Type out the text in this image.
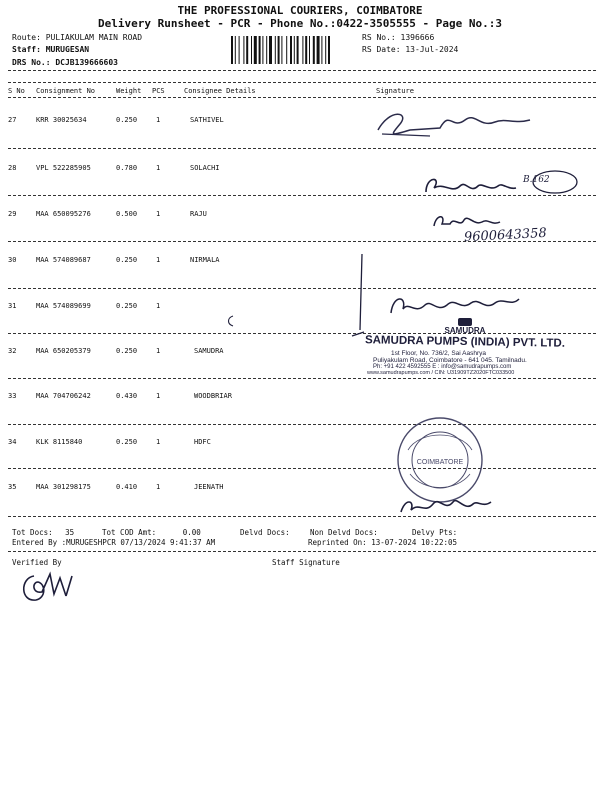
THE PROFESSIONAL COURIERS, COIMBATORE
Delivery Runsheet - PCR - Phone No.:0422-3505555 - Page No.:3
Route: PULIAKULAM MAIN ROAD
Staff: MURUGESAN
DRS No.: DCJB139666603
RS No.: 1396666
RS Date: 13-Jul-2024
S No Consignment No	Weight PCS	Consignee Details	Signature
27	KRR 30025634	0.250	1	SATHIVEL
28	VPL 522285905	0.780	1	SOLACHI
29	MAA 650095276	0.500	1	RAJU
30	MAA 574089687	0.250	1	NIRMALA
31	MAA 574089699	0.250	1
32	MAA 650205379	0.250	1	SAMUDRA
33	MAA 704706242	0.430	1	WOODBRIAR
34	KLK 8115840	0.250	1	HDFC
35	MAA 301298175	0.410	1	JEENATH
B.162
9600643358
SAMUDRA
SAMUDRA PUMPS (INDIA) PVT. LTD.
1st Floor, No. 736/2, Sai Aashrya
Puliyakulam Road, Coimbatore - 641 045. Tamilnadu.
Ph: +91 422 4592555 E : info@samudrapumps.com
www.samudrapumps.com / CIN: U31909TZ2020FTC033500
COIMBATORE
Tot Docs: 35	Tot COD Amt:	0.00	Delvd Docs:	Non Delvd Docs:	Delvy Pts:
Entered By :MURUGESHPCR 07/13/2024 9:41:37 AM	Reprinted On: 13-07-2024 10:22:05
Verified By	Staff Signature
